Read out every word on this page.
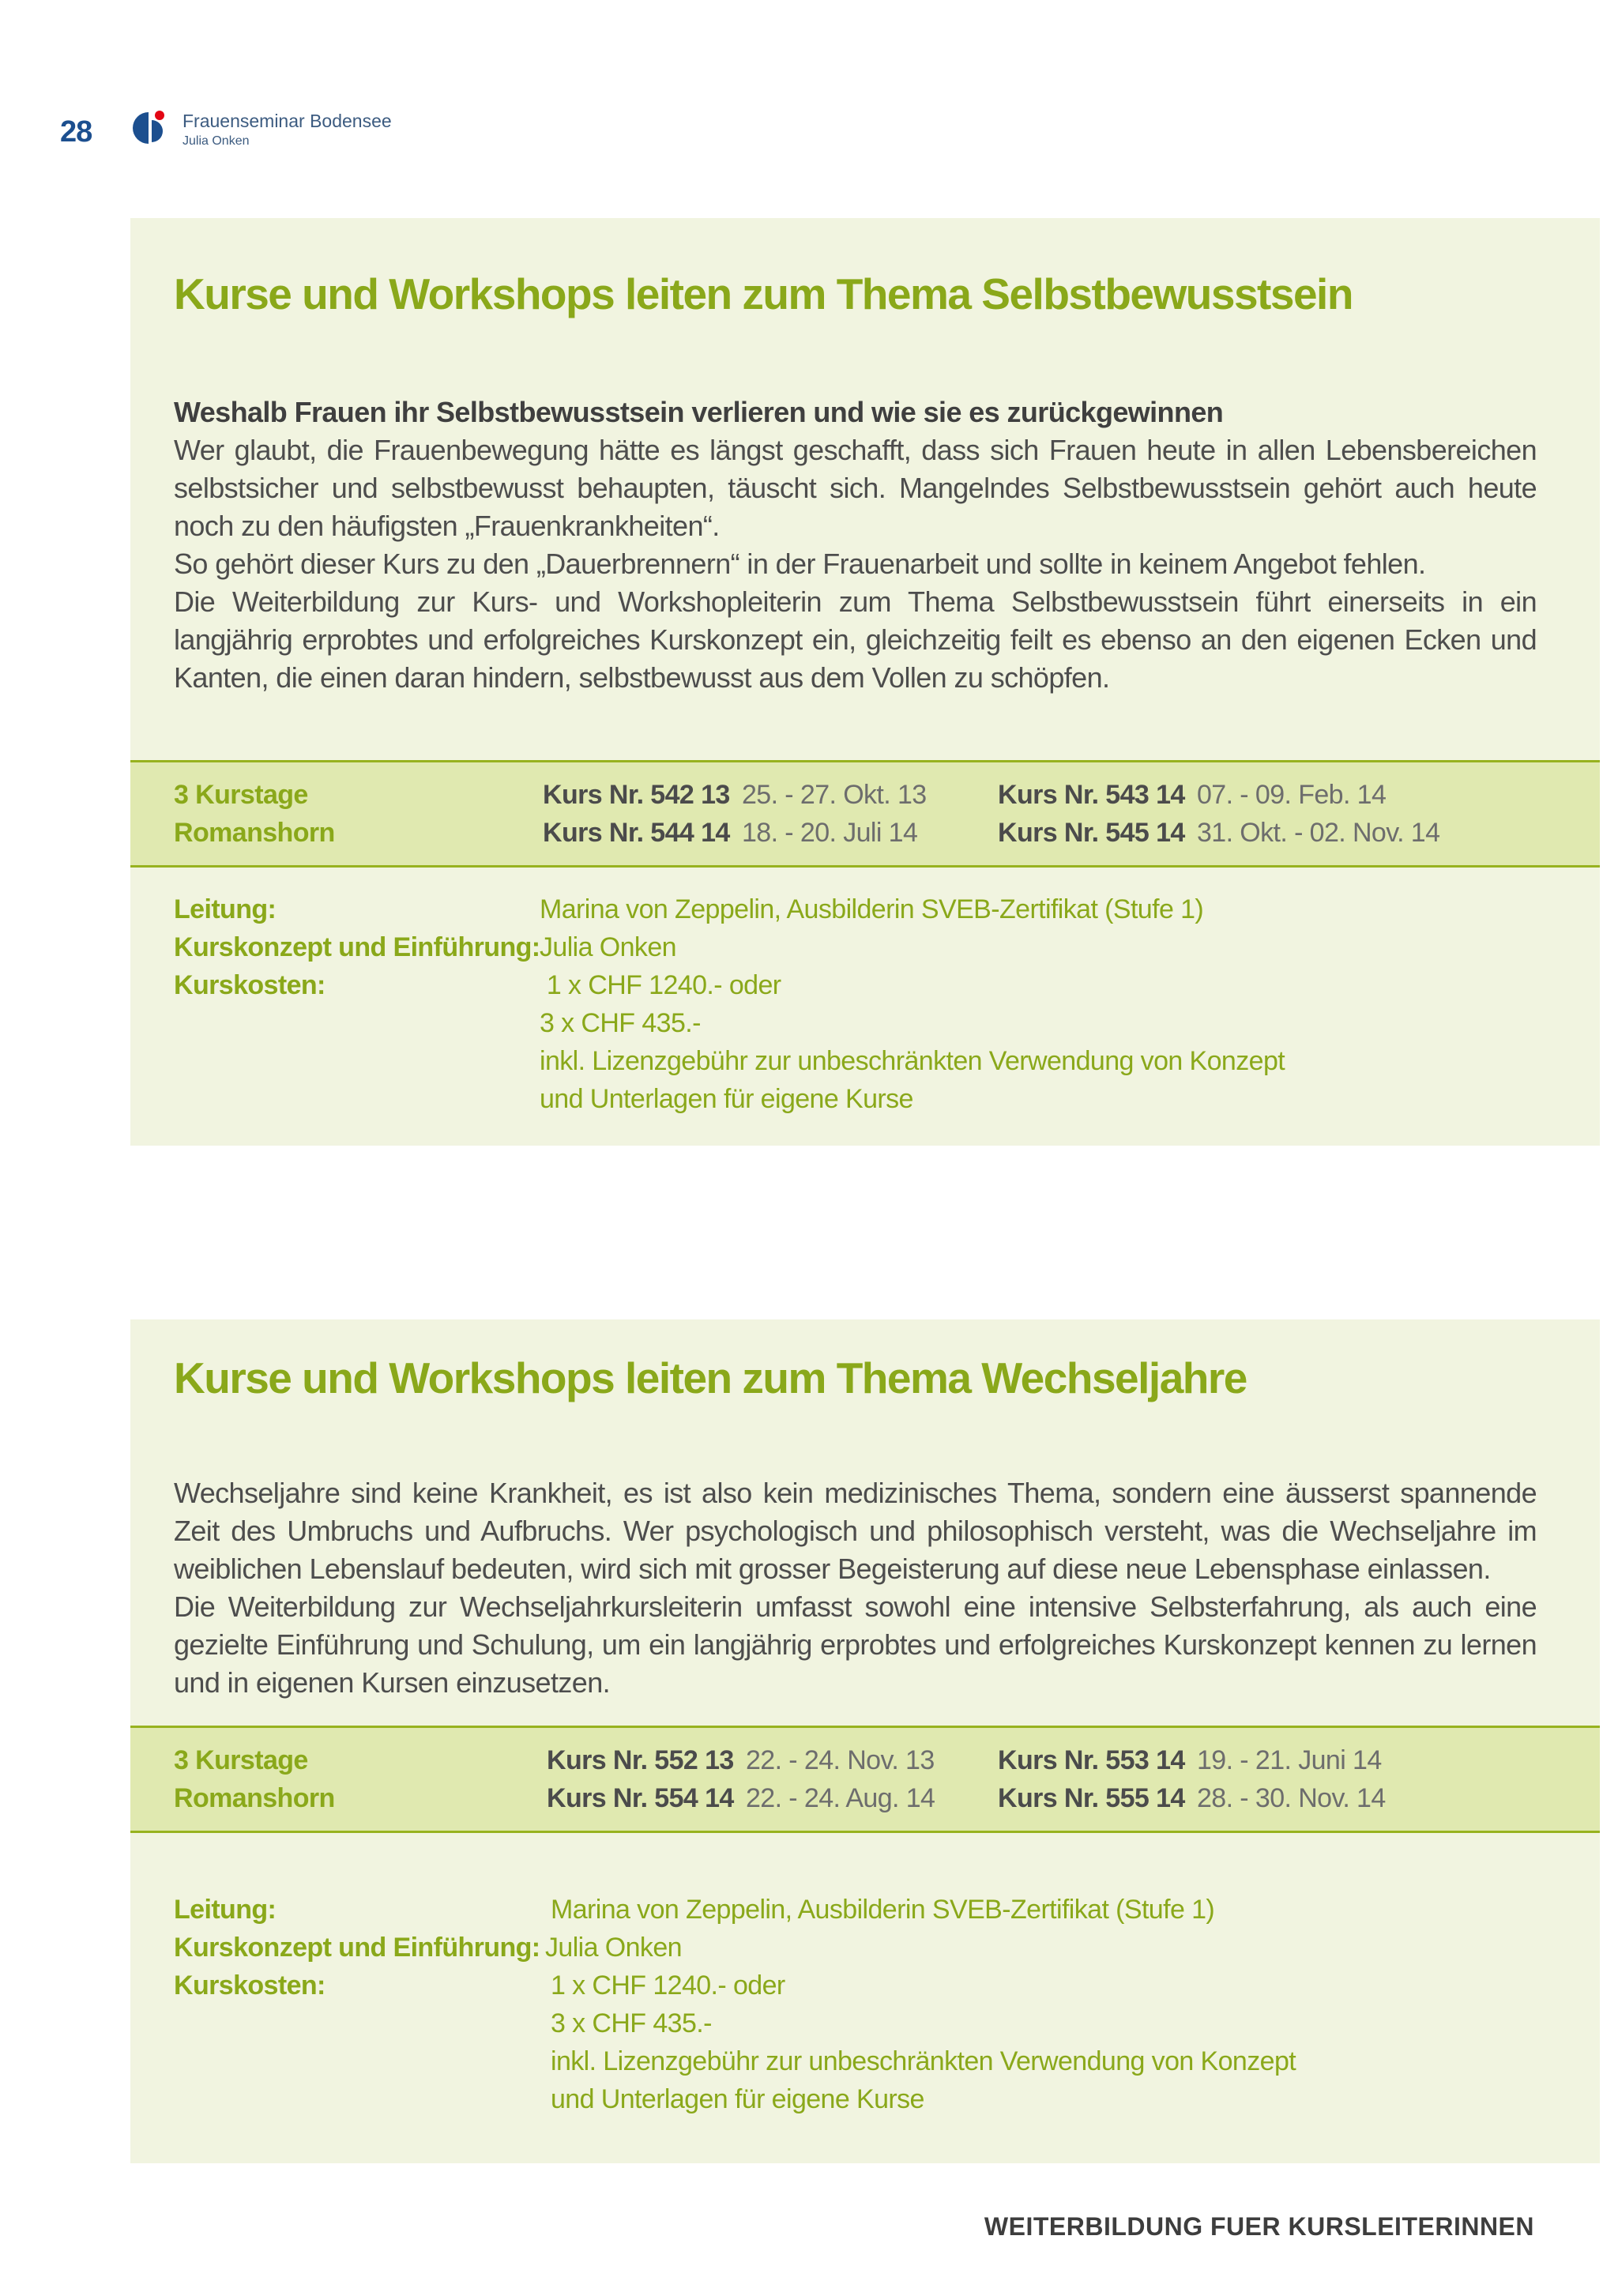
28	Frauenseminar Bodensee
Julia Onken
Kurse und Workshops leiten zum Thema Selbstbewusstsein

Weshalb Frauen ihr Selbstbewusstsein verlieren und wie sie es zurückgewinnen

Wer glaubt, die Frauenbewegung hätte es längst geschafft, dass sich Frauen heute in allen Lebensbereichen selbstsicher und selbstbewusst behaupten, täuscht sich. Mangelndes Selbstbewusstsein gehört auch heute noch zu den häufigsten „Frauenkrankheiten“.

So gehört dieser Kurs zu den „Dauerbrennern“ in der Frauenarbeit und sollte in keinem Angebot fehlen.

Die Weiterbildung zur Kurs- und Workshopleiterin zum Thema Selbstbewusstsein führt einerseits in ein langjährig erprobtes und erfolgreiches Kurskonzept ein, gleichzeitig feilt es ebenso an den eigenen Ecken und Kanten, die einen daran hindern, selbstbewusst aus dem Vollen zu schöpfen.

3 Kurstage
Romanshorn
Kurs Nr. 542 13 25. - 27. Okt. 13	Kurs Nr. 543 14 07. - 09. Feb. 14
Kurs Nr. 544 14 18. - 20. Juli 14	Kurs Nr. 545 14 31. Okt. - 02. Nov. 14
Leitung:	Marina von Zeppelin, Ausbilderin SVEB-Zertifikat (Stufe 1)
Kurskonzept und Einführung: Julia Onken
Kurskosten:	1 x CHF 1240.- oder
3 x CHF 435.-
inkl. Lizenzgebühr zur unbeschränkten Verwendung von Konzept
und Unterlagen für eigene Kurse
Kurse und Workshops leiten zum Thema Wechseljahre

Wechseljahre sind keine Krankheit, es ist also kein medizinisches Thema, sondern eine äusserst spannende Zeit des Umbruchs und Aufbruchs. Wer psychologisch und philosophisch versteht, was die Wechseljahre im weiblichen Lebenslauf bedeuten, wird sich mit grosser Begeisterung auf diese neue Lebensphase einlassen.

Die Weiterbildung zur Wechseljahrkursleiterin umfasst sowohl eine intensive Selbsterfahrung, als auch eine gezielte Einführung und Schulung, um ein langjährig erprobtes und erfolgreiches Kurskonzept kennen zu lernen und in eigenen Kursen einzusetzen.

3 Kurstage
Romanshorn
Kurs Nr. 552 13 22. - 24. Nov. 13 Kurs Nr. 553 14 19. - 21. Juni 14
Kurs Nr. 554 14 22. - 24. Aug. 14 Kurs Nr. 555 14 28. - 30. Nov. 14
Leitung:	Marina von Zeppelin, Ausbilderin SVEB-Zertifikat (Stufe 1)
Kurskonzept und Einführung: Julia Onken
Kurskosten:	1 x CHF 1240.- oder
3 x CHF 435.-
inkl. Lizenzgebühr zur unbeschränkten Verwendung von Konzept
und Unterlagen für eigene Kurse
WEITERBILDUNG FUER KURSLEITERINNEN
